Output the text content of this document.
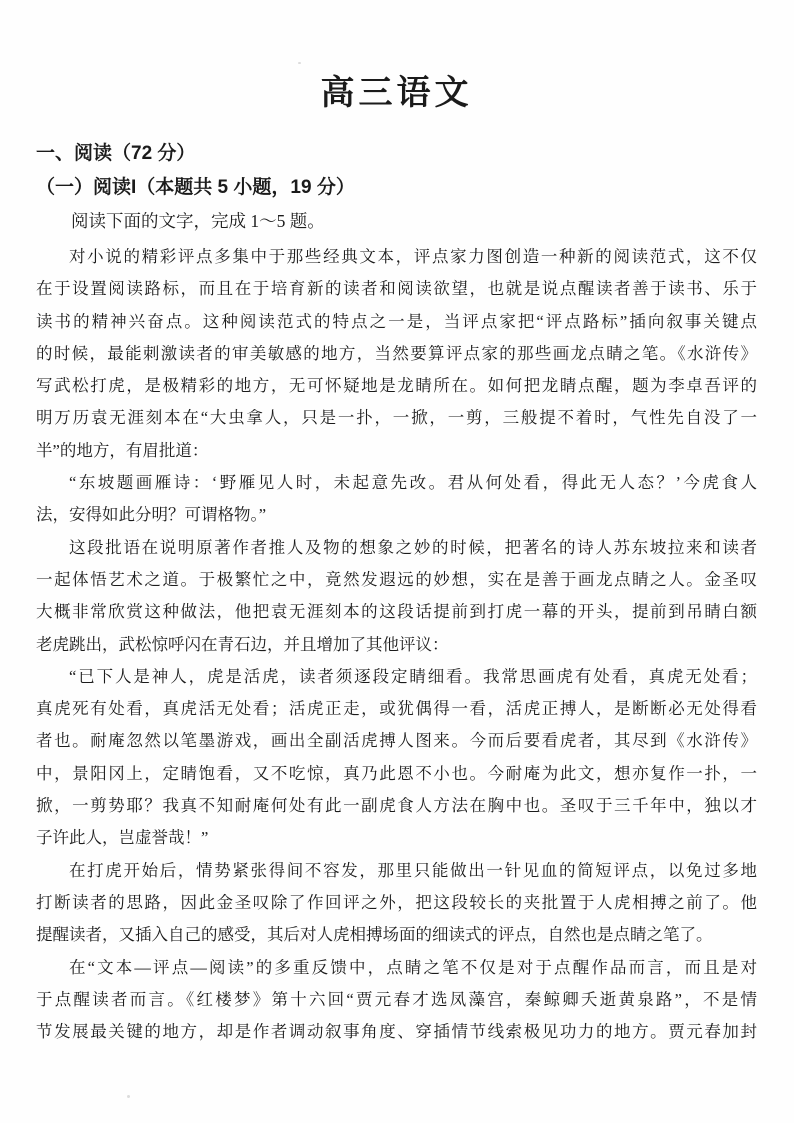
高三语文
一、阅读（72 分）
（一）阅读I（本题共 5 小题，19 分）
阅读下面的文字，完成 1～5 题。
对小说的精彩评点多集中于那些经典文本，评点家力图创造一种新的阅读范式，这不仅
在于设置阅读路标，而且在于培育新的读者和阅读欲望，也就是说点醒读者善于读书、乐于
读书的精神兴奋点。这种阅读范式的特点之一是，当评点家把“评点路标”插向叙事关键点
的时候，最能刺激读者的审美敏感的地方，当然要算评点家的那些画龙点睛之笔。《水浒传》
写武松打虎，是极精彩的地方，无可怀疑地是龙睛所在。如何把龙睛点醒，题为李卓吾评的
明万历袁无涯刻本在“大虫拿人，只是一扑，一掀，一剪，三般提不着时，气性先自没了一
半”的地方，有眉批道：
“东坡题画雁诗：‘野雁见人时，未起意先改。君从何处看，得此无人态？’今虎食人
法，安得如此分明？可谓格物。”
这段批语在说明原著作者推人及物的想象之妙的时候，把著名的诗人苏东坡拉来和读者
一起体悟艺术之道。于极繁忙之中，竟然发遐远的妙想，实在是善于画龙点睛之人。金圣叹
大概非常欣赏这种做法，他把袁无涯刻本的这段话提前到打虎一幕的开头，提前到吊睛白额
老虎跳出，武松惊呼闪在青石边，并且增加了其他评议：
“已下人是神人，虎是活虎，读者须逐段定睛细看。我常思画虎有处看，真虎无处看；
真虎死有处看，真虎活无处看；活虎正走，或犹偶得一看，活虎正搏人，是断断必无处得看
者也。耐庵忽然以笔墨游戏，画出全副活虎搏人图来。今而后要看虎者，其尽到《水浒传》
中，景阳冈上，定睛饱看，又不吃惊，真乃此恩不小也。今耐庵为此文，想亦复作一扑，一
掀，一剪势耶？我真不知耐庵何处有此一副虎食人方法在胸中也。圣叹于三千年中，独以才
子许此人，岂虚誉哉！”
在打虎开始后，情势紧张得间不容发，那里只能做出一针见血的简短评点，以免过多地
打断读者的思路，因此金圣叹除了作回评之外，把这段较长的夹批置于人虎相搏之前了。他
提醒读者，又插入自己的感受，其后对人虎相搏场面的细读式的评点，自然也是点睛之笔了。
在“文本—评点—阅读”的多重反馈中，点睛之笔不仅是对于点醒作品而言，而且是对
于点醒读者而言。《红楼梦》第十六回“贾元春才选凤藻宫，秦鲸卿夭逝黄泉路”，不是情
节发展最关键的地方，却是作者调动叙事角度、穿插情节线索极见功力的地方。贾元春加封
